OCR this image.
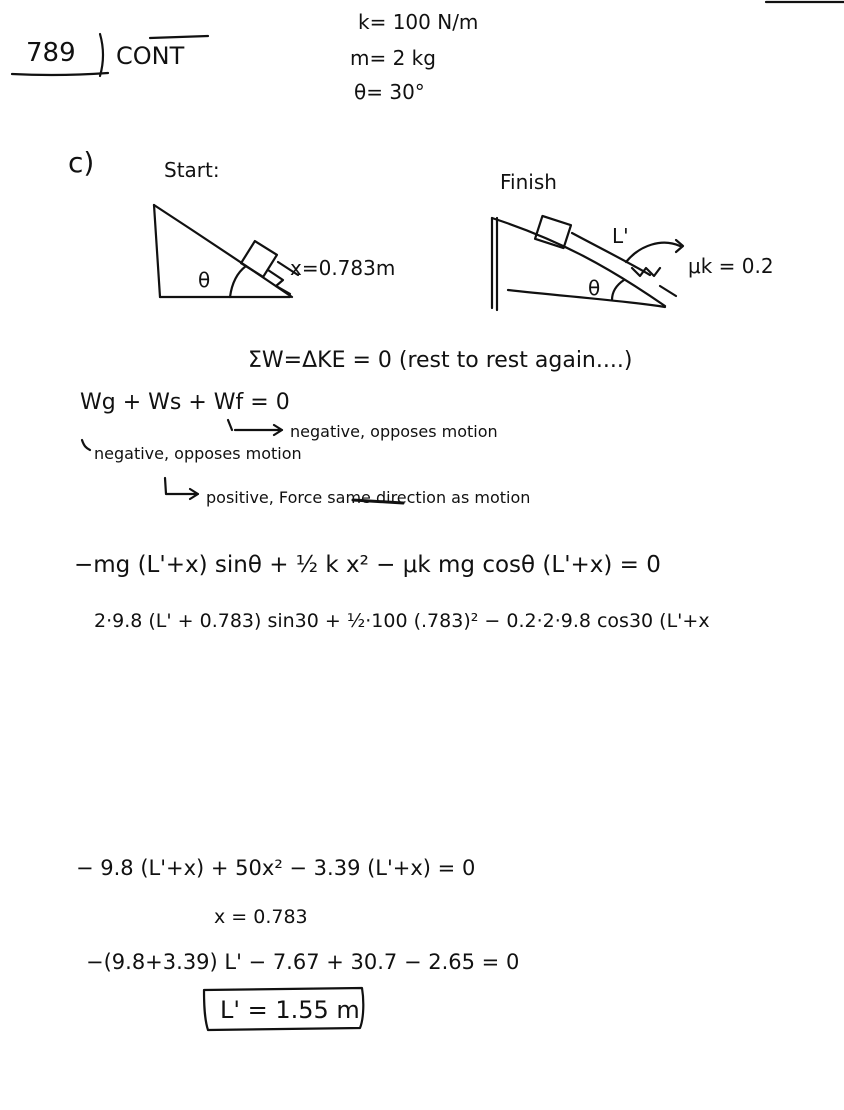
789 CONT
k= 100 N/m
m= 2 kg
θ= 30°
c)	Start:	Finish
θ	x=0.783m
θ
L'
μk = 0.2
ΣW=ΔKE = 0 (rest to rest again....)
Wg + Ws + Wf = 0
negative, opposes motion
negative, opposes motion
positive, Force same direction as motion
−mg (L'+x) sinθ + ½ k x² − μk mg cosθ (L'+x) = 0
2·9.8 (L' + 0.783) sin30 + ½·100 (.783)² − 0.2·2·9.8 cos30 (L'+x
− 9.8 (L'+x) + 50x² − 3.39 (L'+x) = 0
x = 0.783
−(9.8+3.39) L' − 7.67 + 30.7 − 2.65 = 0
L' = 1.55 m
